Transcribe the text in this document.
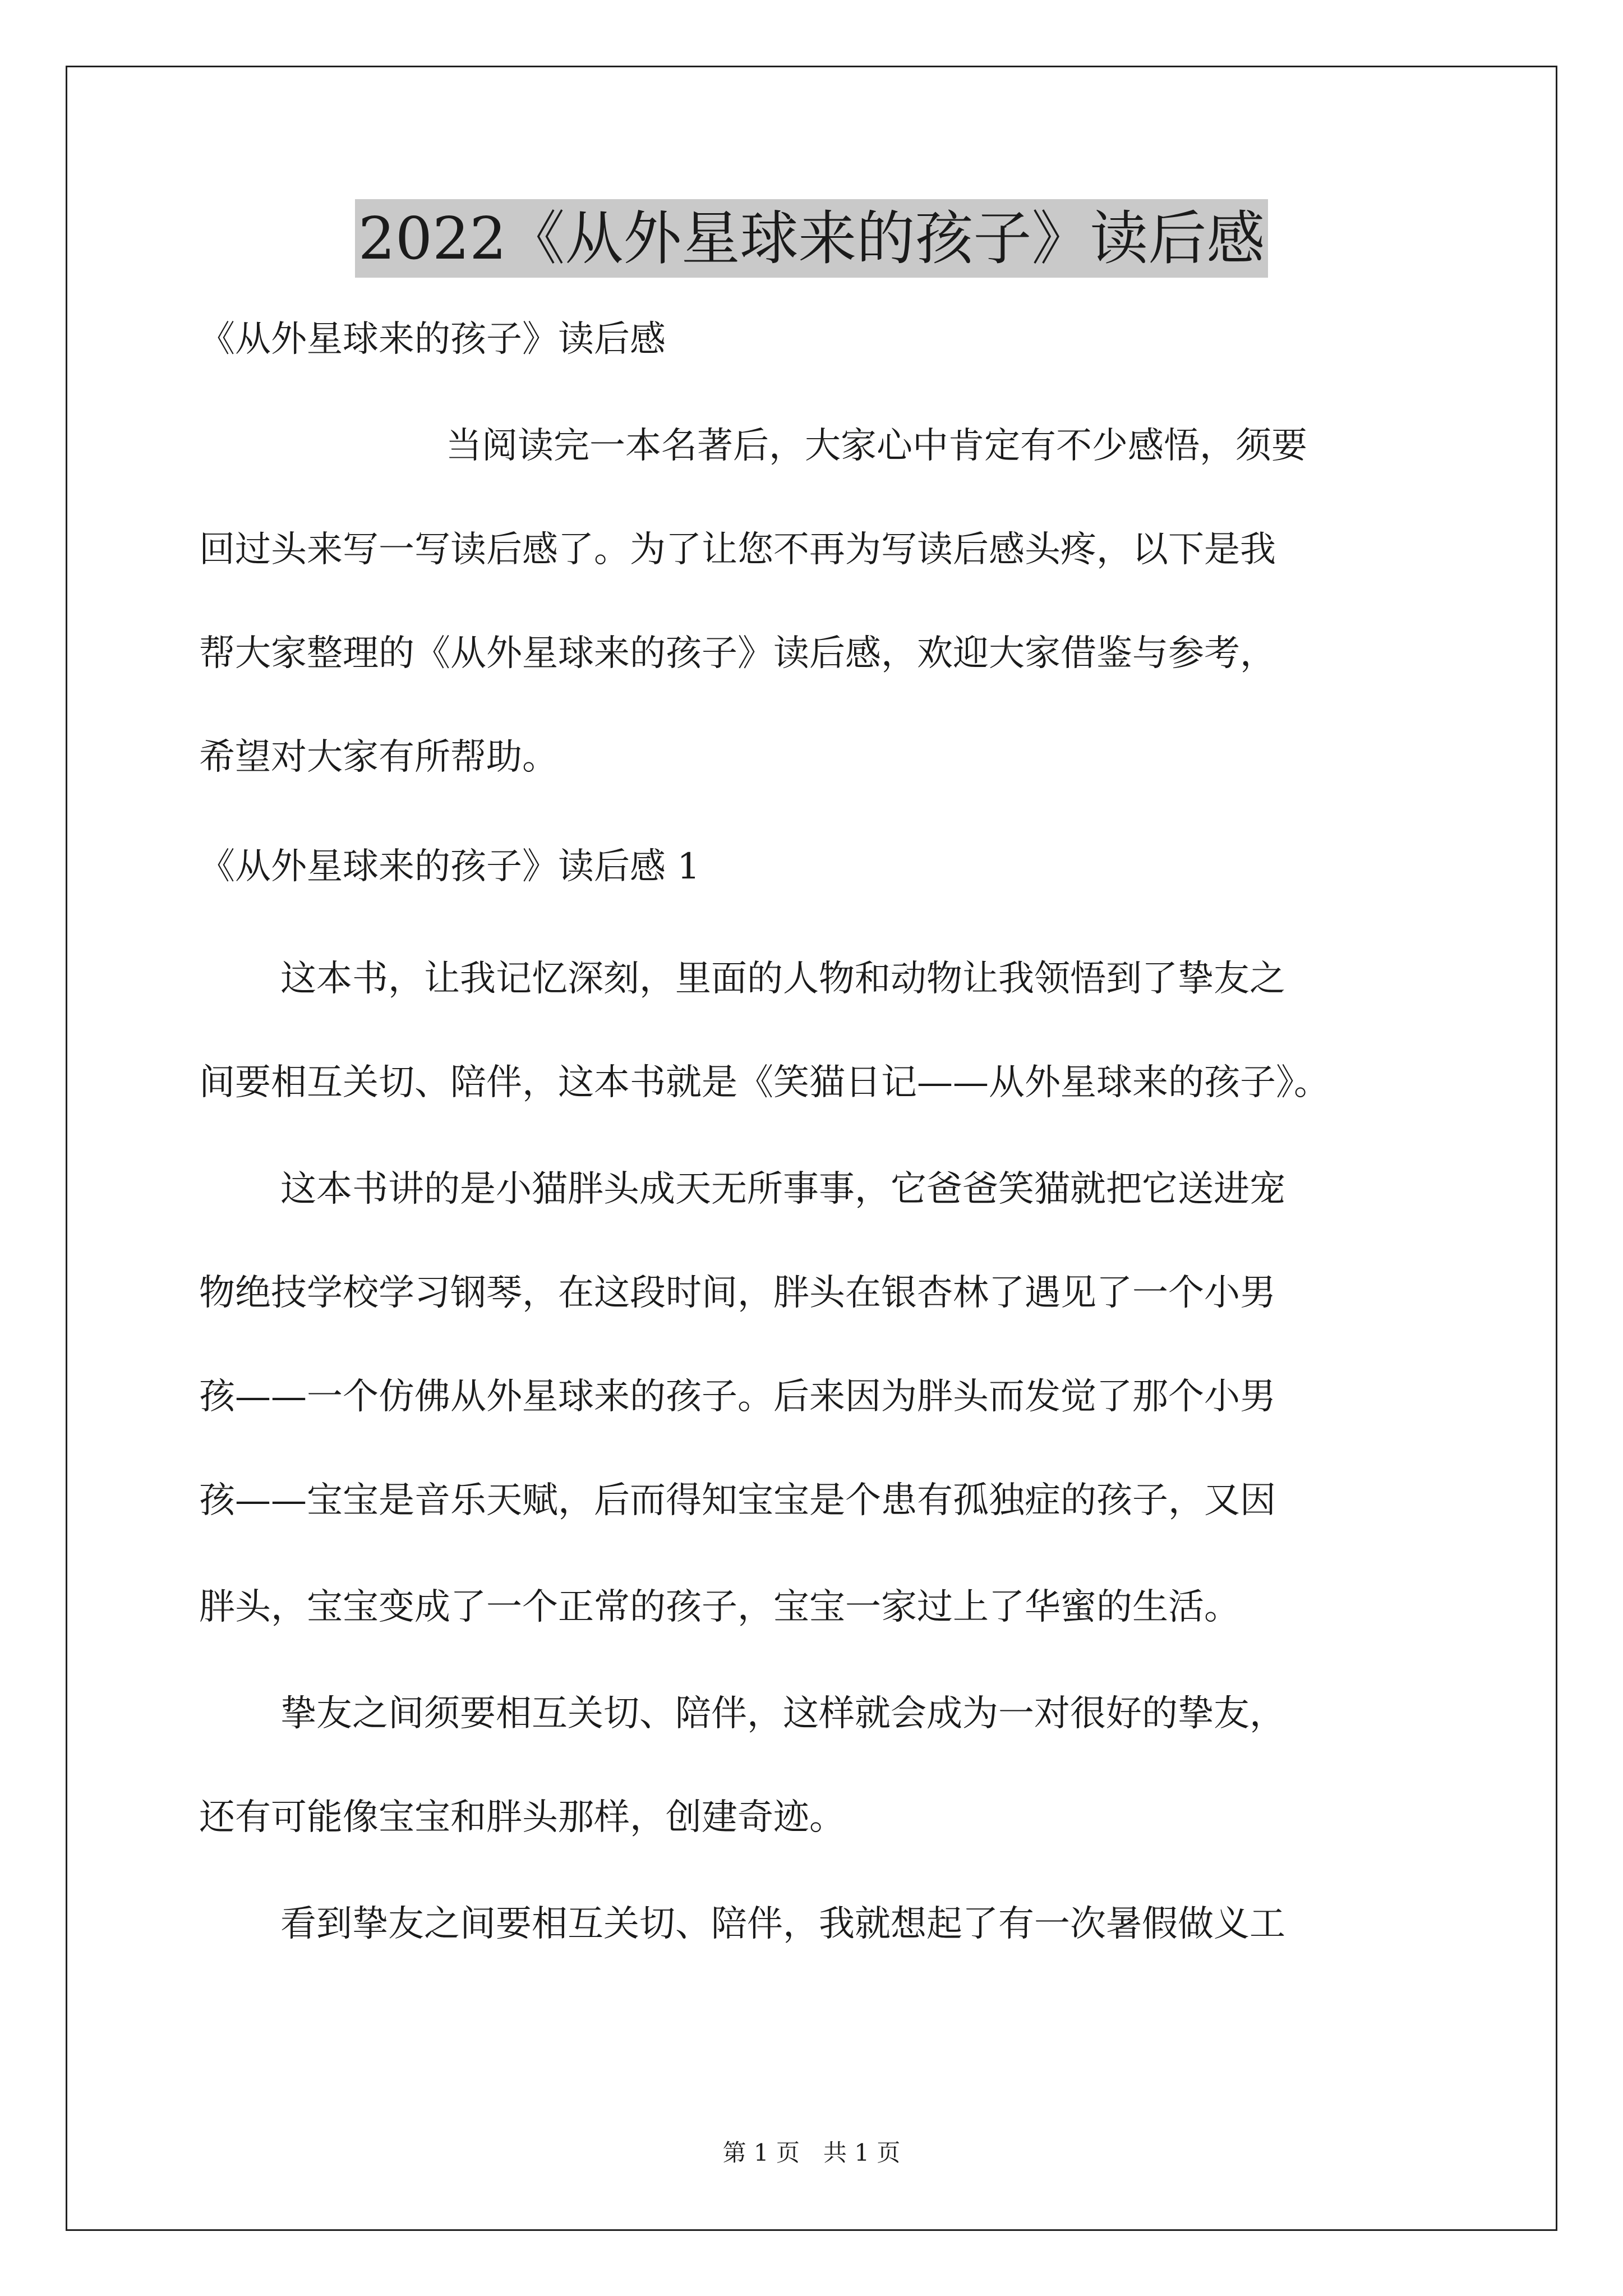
2022《从外星球来的孩子》读后感
《从外星球来的孩子》读后感
当阅读完一本名著后，大家心中肯定有不少感悟，须要
回过头来写一写读后感了。为了让您不再为写读后感头疼，以下是我
帮大家整理的《从外星球来的孩子》读后感，欢迎大家借鉴与参考，
希望对大家有所帮助。
《从外星球来的孩子》读后感 1
这本书，让我记忆深刻，里面的人物和动物让我领悟到了挚友之
间要相互关切、陪伴，这本书就是《笑猫日记——从外星球来的孩子》。
这本书讲的是小猫胖头成天无所事事，它爸爸笑猫就把它送进宠
物绝技学校学习钢琴，在这段时间，胖头在银杏林了遇见了一个小男
孩——一个仿佛从外星球来的孩子。后来因为胖头而发觉了那个小男
孩——宝宝是音乐天赋，后而得知宝宝是个患有孤独症的孩子，又因
胖头，宝宝变成了一个正常的孩子，宝宝一家过上了华蜜的生活。
挚友之间须要相互关切、陪伴，这样就会成为一对很好的挚友，
还有可能像宝宝和胖头那样，创建奇迹。
看到挚友之间要相互关切、陪伴，我就想起了有一次暑假做义工
第 1 页　共 1 页
